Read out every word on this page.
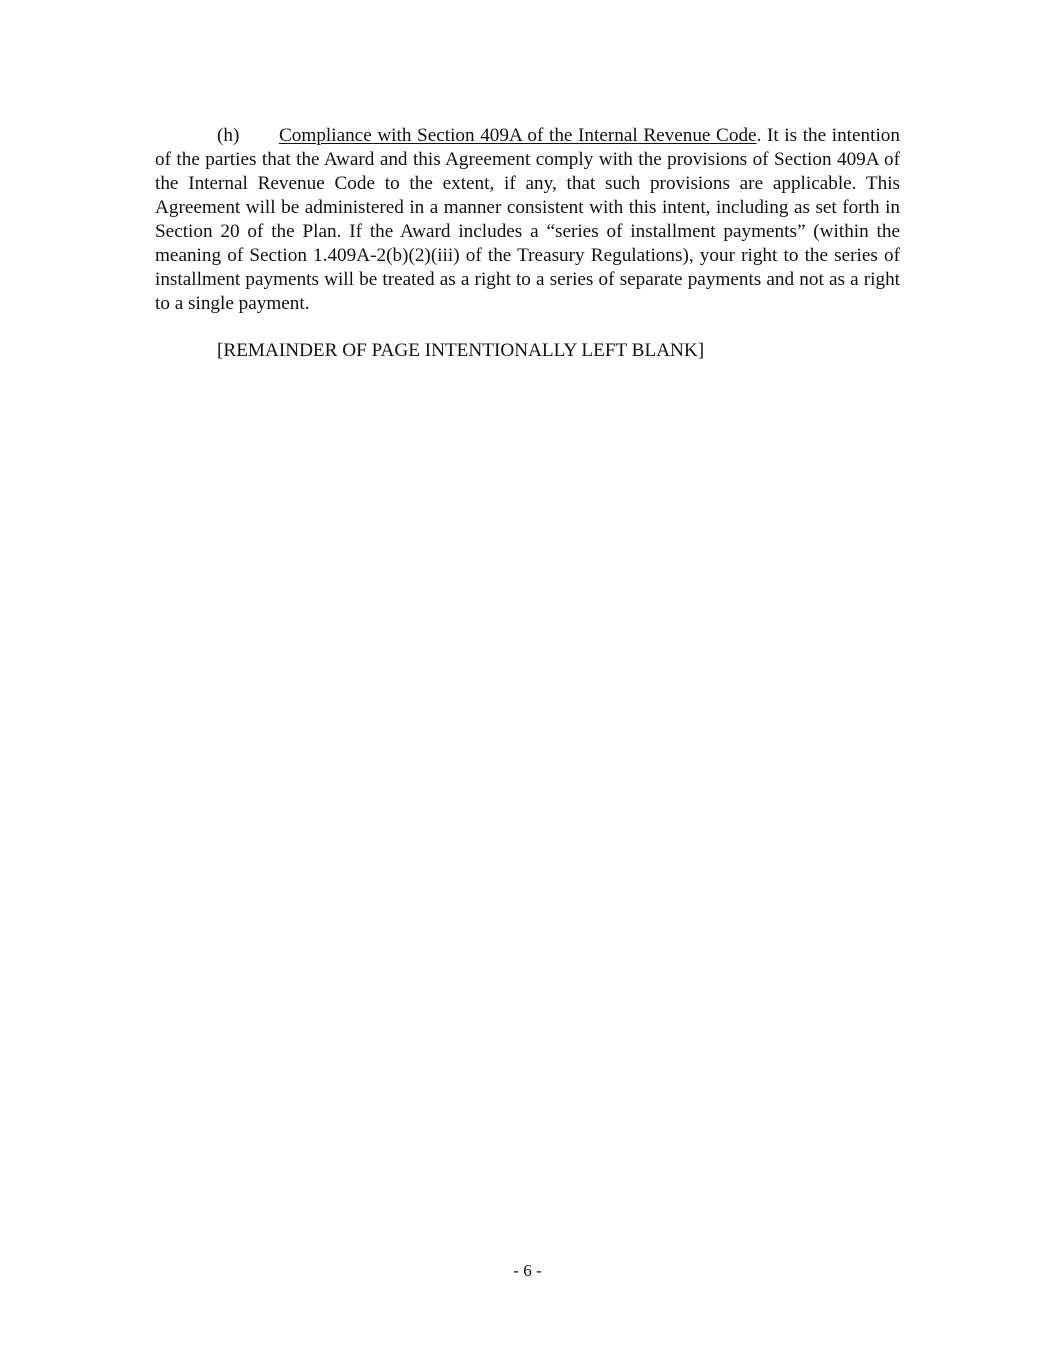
(h) Compliance with Section 409A of the Internal Revenue Code. It is the intention of the parties that the Award and this Agreement comply with the provisions of Section 409A of the Internal Revenue Code to the extent, if any, that such provisions are applicable. This Agreement will be administered in a manner consistent with this intent, including as set forth in Section 20 of the Plan. If the Award includes a “series of installment payments” (within the meaning of Section 1.409A-2(b)(2)(iii) of the Treasury Regulations), your right to the series of installment payments will be treated as a right to a series of separate payments and not as a right to a single payment.

[REMAINDER OF PAGE INTENTIONALLY LEFT BLANK]

- 6 -
